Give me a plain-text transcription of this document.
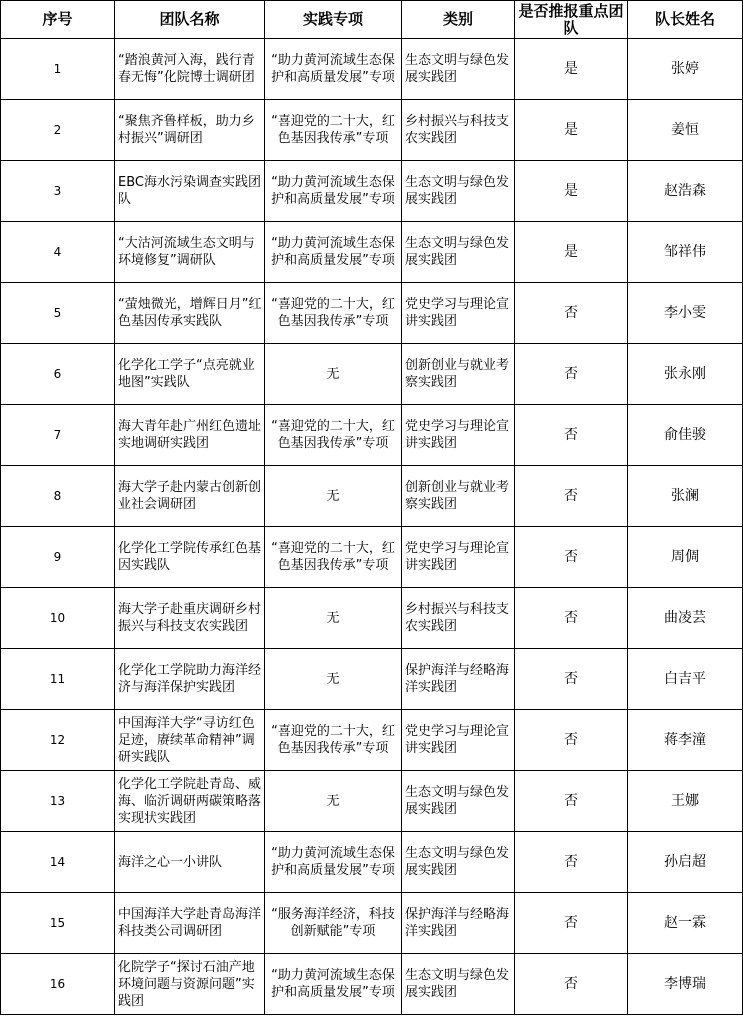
序号	团队名称	实践专项	类别	是否推报重点团队	队长姓名
1	“踏浪黄河入海，践行青春无悔”化院博士调研团	“助力黄河流域生态保护和高质量发展”专项	生态文明与绿色发展实践团	是	张婷
2	“聚焦齐鲁样板，助力乡村振兴”调研团	“喜迎党的二十大，红色基因我传承”专项	乡村振兴与科技支农实践团	是	姜恒
3	EBC海水污染调查实践团队	“助力黄河流域生态保护和高质量发展”专项	生态文明与绿色发展实践团	是	赵浩森
4	“大沽河流域生态文明与环境修复”调研队	“助力黄河流域生态保护和高质量发展”专项	生态文明与绿色发展实践团	是	邹祥伟
5	“萤烛微光，增辉日月”红色基因传承实践队	“喜迎党的二十大，红色基因我传承”专项	党史学习与理论宣讲实践团	否	李小雯
6	化学化工学子“点亮就业地图”实践队	无	创新创业与就业考察实践团	否	张永刚
7	海大青年赴广州红色遗址实地调研实践团	“喜迎党的二十大，红色基因我传承”专项	党史学习与理论宣讲实践团	否	俞佳骏
8	海大学子赴内蒙古创新创业社会调研团	无	创新创业与就业考察实践团	否	张澜
9	化学化工学院传承红色基因实践队	“喜迎党的二十大，红色基因我传承”专项	党史学习与理论宣讲实践团	否	周倜
10	海大学子赴重庆调研乡村振兴与科技支农实践团	无	乡村振兴与科技支农实践团	否	曲凌芸
11	化学化工学院助力海洋经济与海洋保护实践团	无	保护海洋与经略海洋实践团	否	白吉平
12	中国海洋大学“寻访红色足迹，赓续革命精神”调研实践队	“喜迎党的二十大，红色基因我传承”专项	党史学习与理论宣讲实践团	否	蒋李潼
13	化学化工学院赴青岛、威海、临沂调研两碳策略落实现状实践团	无	生态文明与绿色发展实践团	否	王娜
14	海洋之心一小讲队	“助力黄河流域生态保护和高质量发展”专项	生态文明与绿色发展实践团	否	孙启超
15	中国海洋大学赴青岛海洋科技类公司调研团	“服务海洋经济，科技创新赋能”专项	保护海洋与经略海洋实践团	否	赵一霖
16	化院学子“探讨石油产地环境问题与资源问题”实践团	“助力黄河流域生态保护和高质量发展”专项	生态文明与绿色发展实践团	否	李博瑞
